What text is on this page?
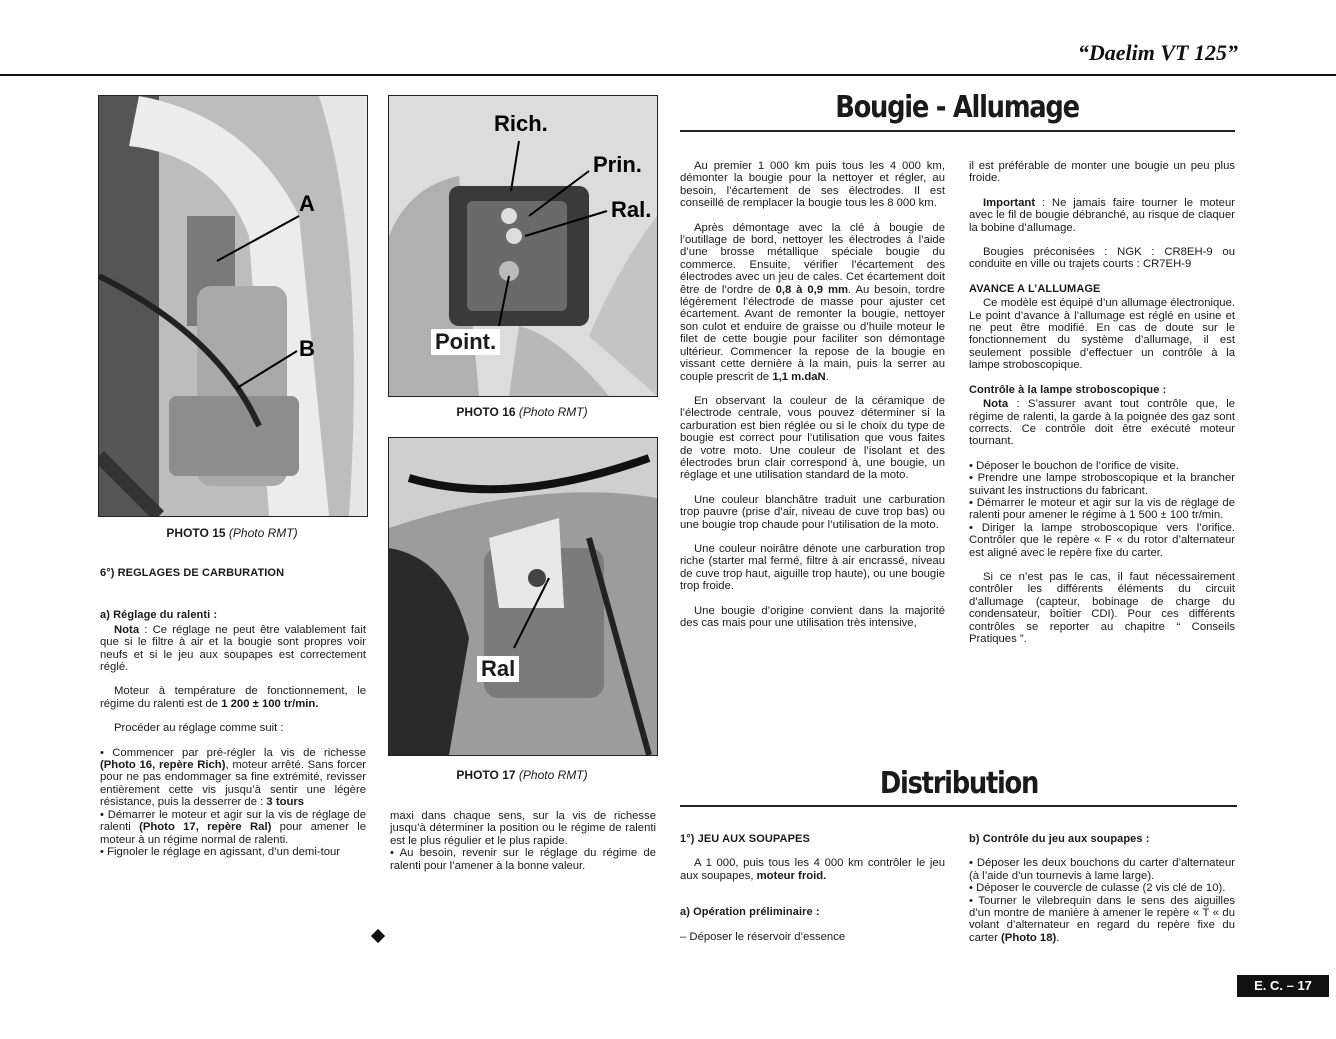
“Daelim VT 125”
A
B
PHOTO 15 (Photo RMT)
Rich.
Prin.
Ral.
Point.
PHOTO 16 (Photo RMT)
Ral
PHOTO 17 (Photo RMT)

6°) REGLAGES DE CARBURATION

a) Réglage du ralenti :

Nota : Ce réglage ne peut être valablement fait que si le filtre à air et la bougie sont propres voir neufs et si le jeu aux soupapes est correctement réglé.

Moteur à température de fonctionnement, le régime du ralenti est de 1 200 ± 100 tr/min.

Procéder au réglage comme suit :

• Commencer par pré-régler la vis de richesse (Photo 16, repère Rich), moteur arrêté. Sans forcer pour ne pas endommager sa fine extrémité, revisser entièrement cette vis jusqu’à sentir une légère résistance, puis la desserrer de : 3 tours
• Démarrer le moteur et agir sur la vis de réglage de ralenti (Photo 17, repère Ral) pour amener le moteur à un régime normal de ralenti.
• Fignoler le réglage en agissant, d’un demi-tour

maxi dans chaque sens, sur la vis de richesse jusqu’à déterminer la position ou le régime de ralenti est le plus régulier et le plus rapide.

• Au besoin, revenir sur le réglage du régime de ralenti pour l’amener à la bonne valeur.
Bougie - Allumage

Au premier 1 000 km puis tous les 4 000 km, démonter la bougie pour la nettoyer et régler, au besoin, l’écartement de ses électrodes. Il est conseillé de remplacer la bougie tous les 8 000 km.

Après démontage avec la clé à bougie de l’outillage de bord, nettoyer les électrodes à l’aide d’une brosse métallique spéciale bougie du commerce. Ensuite, vérifier l’écartement des électrodes avec un jeu de cales. Cet écartement doit être de l’ordre de 0,8 à 0,9 mm. Au besoin, tordre légèrement l’électrode de masse pour ajuster cet écartement. Avant de remonter la bougie, nettoyer son culot et enduire de graisse ou d’huile moteur le filet de cette bougie pour faciliter son démontage ultérieur. Commencer la repose de la bougie en vissant cette dernière à la main, puis la serrer au couple prescrit de 1,1 m.daN.

En observant la couleur de la céramique de l’électrode centrale, vous pouvez déterminer si la carburation est bien réglée ou si le choix du type de bougie est correct pour l’utilisation que vous faites de votre moto. Une couleur de l’isolant et des électrodes brun clair correspond à, une bougie, un réglage et une utilisation standard de la moto.

Une couleur blanchâtre traduit une carburation trop pauvre (prise d’air, niveau de cuve trop bas) ou une bougie trop chaude pour l’utilisation de la moto.

Une couleur noirâtre dénote une carburation trop riche (starter mal fermé, filtre à air encrassé, niveau de cuve trop haut, aiguille trop haute), ou une bougie trop froide.

Une bougie d’origine convient dans la majorité des cas mais pour une utilisation très intensive,

il est préférable de monter une bougie un peu plus froide.

Important : Ne jamais faire tourner le moteur avec le fil de bougie débranché, au risque de claquer la bobine d’allumage.

Bougies préconisées : NGK : CR8EH-9 ou conduite en ville ou trajets courts : CR7EH-9

AVANCE A L’ALLUMAGE

Ce modèle est équipé d’un allumage électronique. Le point d’avance à l’allumage est réglé en usine et ne peut être modifié. En cas de doute sur le fonctionnement du système d’allumage, il est seulement possible d’effectuer un contrôle à la lampe stroboscopique.

Contrôle à la lampe stroboscopique :

Nota : S’assurer avant tout contrôle que, le régime de ralenti, la garde à la poignée des gaz sont corrects. Ce contrôle doit être exécuté moteur tournant.

• Déposer le bouchon de l’orifice de visite.
• Prendre une lampe stroboscopique et la brancher suivant les instructions du fabricant.
• Démarrer le moteur et agir sur la vis de réglage de ralenti pour amener le régime à 1 500 ± 100 tr/min.
• Diriger la lampe stroboscopique vers l’orifice. Contrôler que le repère « F « du rotor d’alternateur est aligné avec le repère fixe du carter.

Si ce n’est pas le cas, il faut nécessairement contrôler les différents éléments du circuit d’allumage (capteur, bobinage de charge du condensateur, boîtier CDI). Pour ces différents contrôles se reporter au chapitre “ Conseils Pratiques ”.

Distribution

1°) JEU AUX SOUPAPES

A 1 000, puis tous les 4 000 km contrôler le jeu aux soupapes, moteur froid.

a) Opération préliminaire :

– Déposer le réservoir d’essence

b) Contrôle du jeu aux soupapes :

• Déposer les deux bouchons du carter d’alternateur (à l’aide d’un tournevis à lame large).
• Déposer le couvercle de culasse (2 vis clé de 10).
• Tourner le vilebrequin dans le sens des aiguilles d’un montre de manière à amener le repère « T « du volant d’alternateur en regard du repère fixe du carter (Photo 18).
E. C. – 17
